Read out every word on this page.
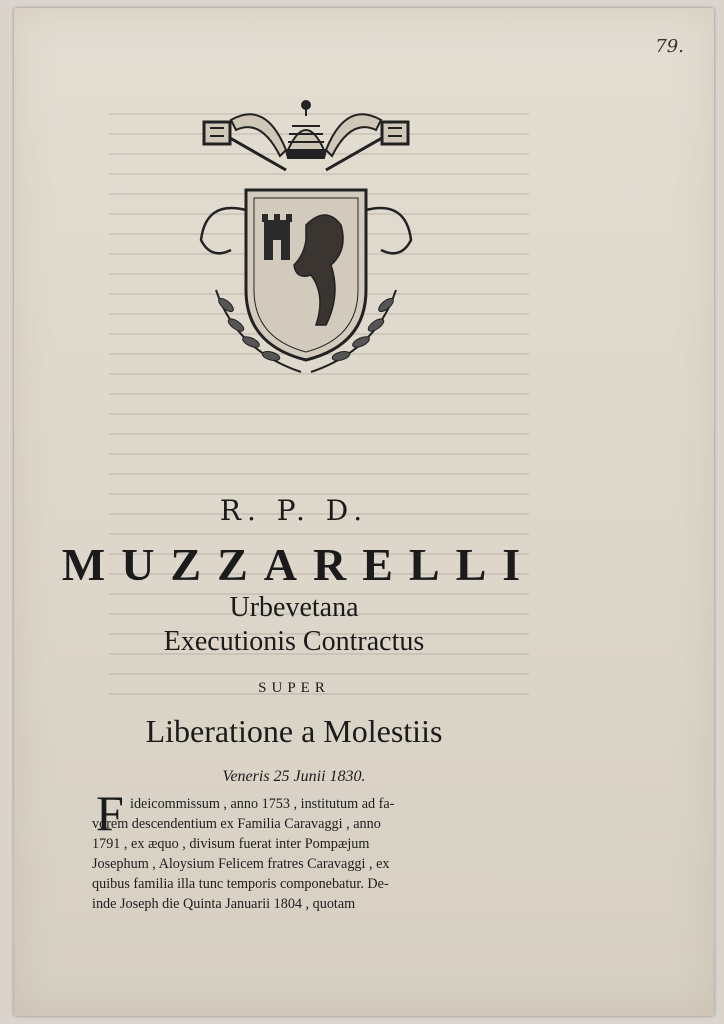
79.
R. P. D.
MUZZARELLI
Urbevetana
Executionis Contractus
SUPER
Liberatione a Molestiis
Veneris 25 Junii 1830.
F ideicommissum , anno 1753 , institutum ad fa-
vorem descendentium ex Familia Caravaggi , anno
1791 , ex æquo , divisum fuerat inter Pompæjum
Josephum , Aloysium Felicem fratres Caravaggi , ex
quibus familia illa tunc temporis componebatur. De-
inde Joseph die Quinta Januarii 1804 , quotam
